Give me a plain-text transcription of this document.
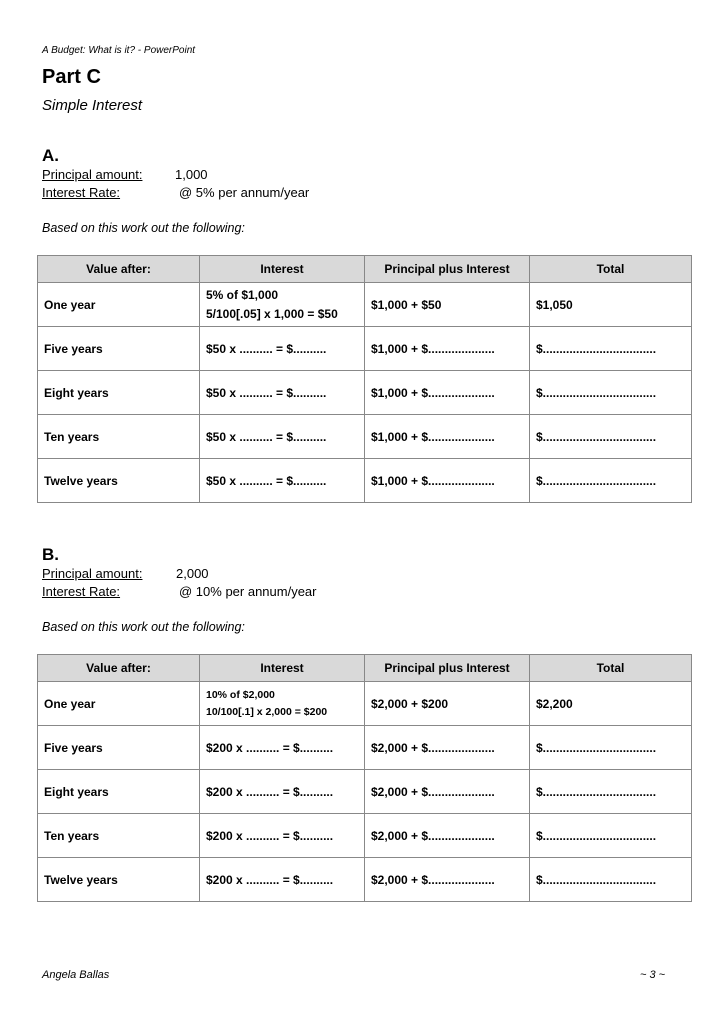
A Budget: What is it? - PowerPoint
Part C
Simple Interest
A.
Principal amount:	1,000
Interest Rate:	@ 5% per annum/year
Based on this work out the following:
Value after:	Interest	Principal plus Interest	Total
One year	5% of $1,000
5/100[.05] x 1,000 = $50	$1,000 + $50	$1,050
Five years	$50 x .......... = $..........	$1,000 + $....................	$..................................
Eight years	$50 x .......... = $..........	$1,000 + $....................	$..................................
Ten years	$50 x .......... = $..........	$1,000 + $....................	$..................................
Twelve years	$50 x .......... = $..........	$1,000 + $....................	$..................................
B.
Principal amount:	2,000
Interest Rate:	@ 10% per annum/year
Based on this work out the following:
Value after:	Interest	Principal plus Interest	Total
One year	10% of $2,000
10/100[.1] x 2,000 = $200	$2,000 + $200	$2,200
Five years	$200 x .......... = $..........	$2,000 + $....................	$..................................
Eight years	$200 x .......... = $..........	$2,000 + $....................	$..................................
Ten years	$200 x .......... = $..........	$2,000 + $....................	$..................................
Twelve years	$200 x .......... = $..........	$2,000 + $....................	$..................................
Angela Ballas	~ 3 ~
